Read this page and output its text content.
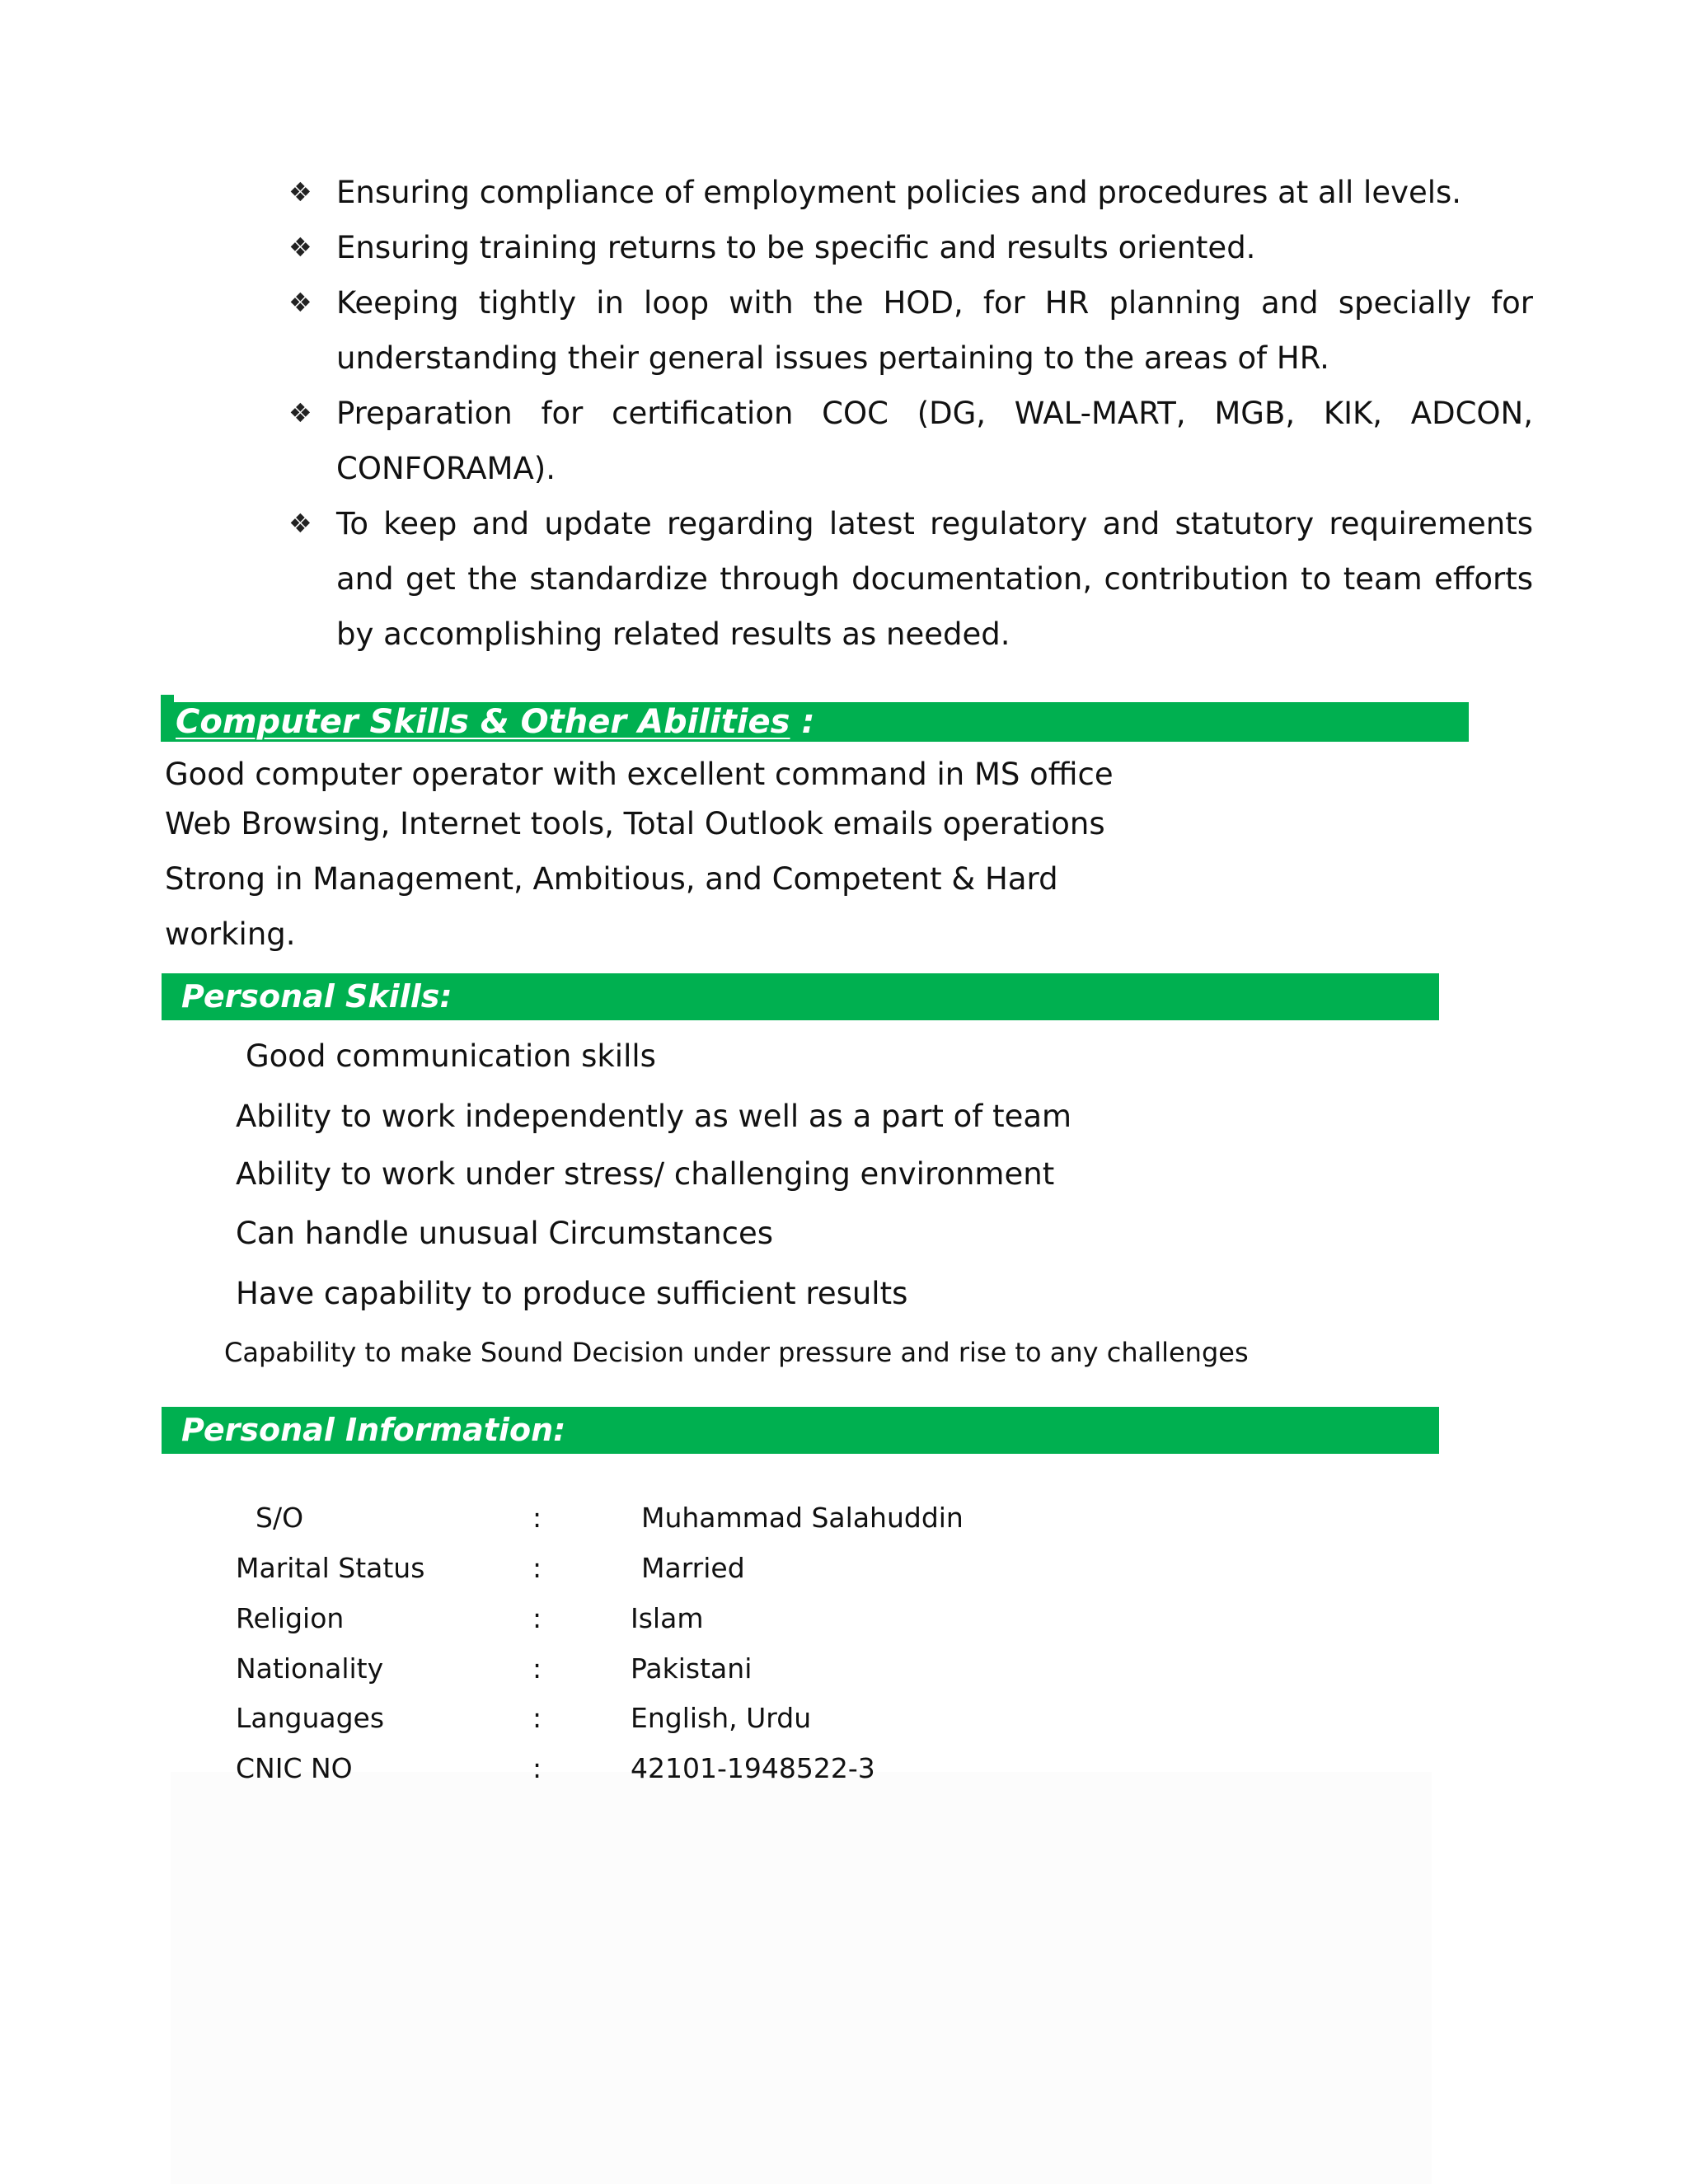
❖ Ensuring compliance of employment policies and procedures at all levels.
❖ Ensuring training returns to be specific and results oriented.
❖ Keeping tightly in loop with the HOD, for HR planning and specially for understanding their general issues pertaining to the areas of HR.
❖ Preparation for certification COC (DG, WAL-MART, MGB, KIK, ADCON, CONFORAMA).
❖ To keep and update regarding latest regulatory and statutory requirements and get the standardize through documentation, contribution to team efforts by accomplishing related results as needed.
Computer Skills & Other Abilities :
Good computer operator with excellent command in MS office
Web Browsing, Internet tools, Total Outlook emails operations
Strong in Management, Ambitious, and Competent & Hard
working.
Personal Skills:
Good communication skills
Ability to work independently as well as a part of team
Ability to work under stress/ challenging environment
Can handle unusual Circumstances
Have capability to produce sufficient results
Capability to make Sound Decision under pressure and rise to any challenges
Personal Information:
S/O	:	Muhammad Salahuddin
Marital Status	:	Married
Religion	:	Islam
Nationality	:	Pakistani
Languages	:	English, Urdu
CNIC NO	:	42101-1948522-3
